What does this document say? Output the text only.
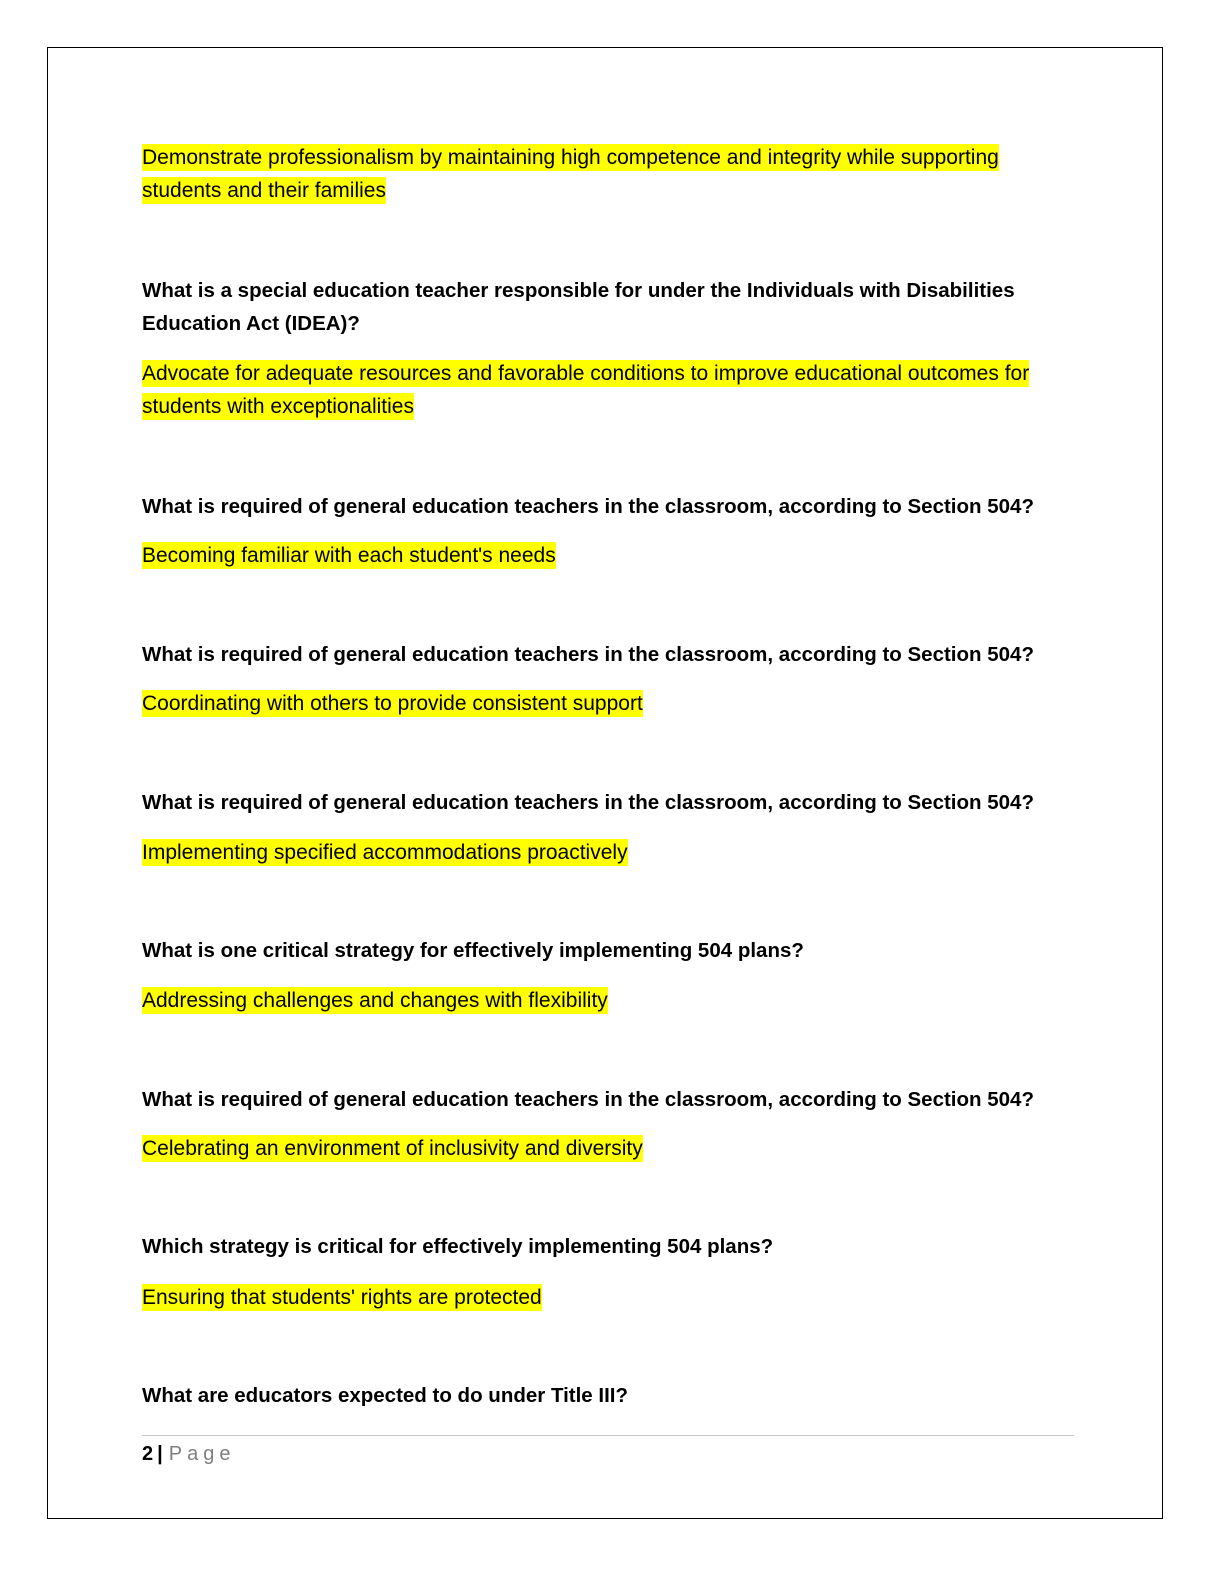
Demonstrate professionalism by maintaining high competence and integrity while supporting students and their families

What is a special education teacher responsible for under the Individuals with Disabilities Education Act (IDEA)?

Advocate for adequate resources and favorable conditions to improve educational outcomes for students with exceptionalities

What is required of general education teachers in the classroom, according to Section 504?

Becoming familiar with each student's needs

What is required of general education teachers in the classroom, according to Section 504?

Coordinating with others to provide consistent support

What is required of general education teachers in the classroom, according to Section 504?

Implementing specified accommodations proactively

What is one critical strategy for effectively implementing 504 plans?

Addressing challenges and changes with flexibility

What is required of general education teachers in the classroom, according to Section 504?

Celebrating an environment of inclusivity and diversity

Which strategy is critical for effectively implementing 504 plans?

Ensuring that students' rights are protected

What are educators expected to do under Title III?

2 | Page
